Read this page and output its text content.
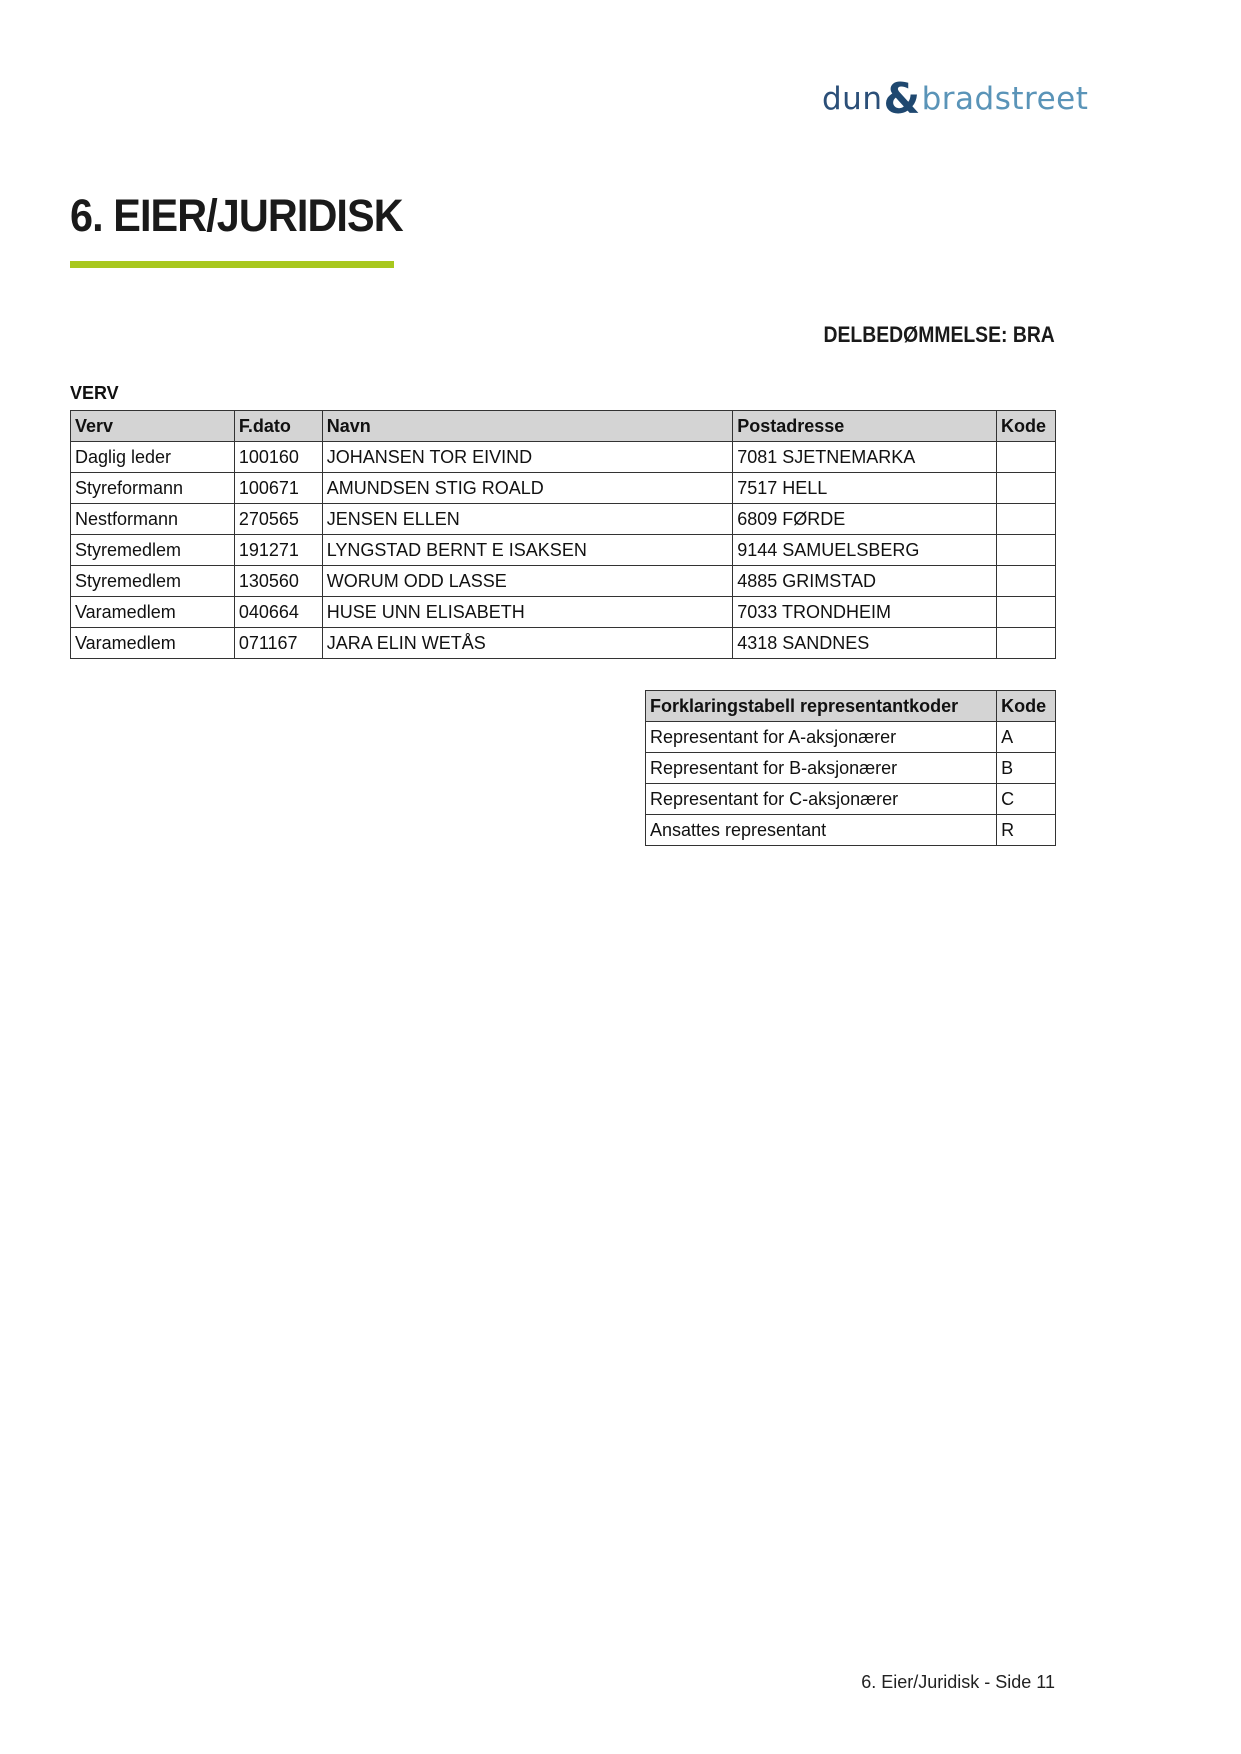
dun & bradstreet
6. EIER/JURIDISK
DELBEDØMMELSE: BRA
VERV
Verv	F.dato	Navn	Postadresse	Kode
Daglig leder	100160	JOHANSEN TOR EIVIND	7081 SJETNEMARKA	
Styreformann	100671	AMUNDSEN STIG ROALD	7517 HELL	
Nestformann	270565	JENSEN ELLEN	6809 FØRDE	
Styremedlem	191271	LYNGSTAD BERNT E ISAKSEN	9144 SAMUELSBERG	
Styremedlem	130560	WORUM ODD LASSE	4885 GRIMSTAD	
Varamedlem	040664	HUSE UNN ELISABETH	7033 TRONDHEIM	
Varamedlem	071167	JARA ELIN WETÅS	4318 SANDNES	
Forklaringstabell representantkoder	Kode
Representant for A-aksjonærer	A
Representant for B-aksjonærer	B
Representant for C-aksjonærer	C
Ansattes representant	R
6. Eier/Juridisk - Side 11
